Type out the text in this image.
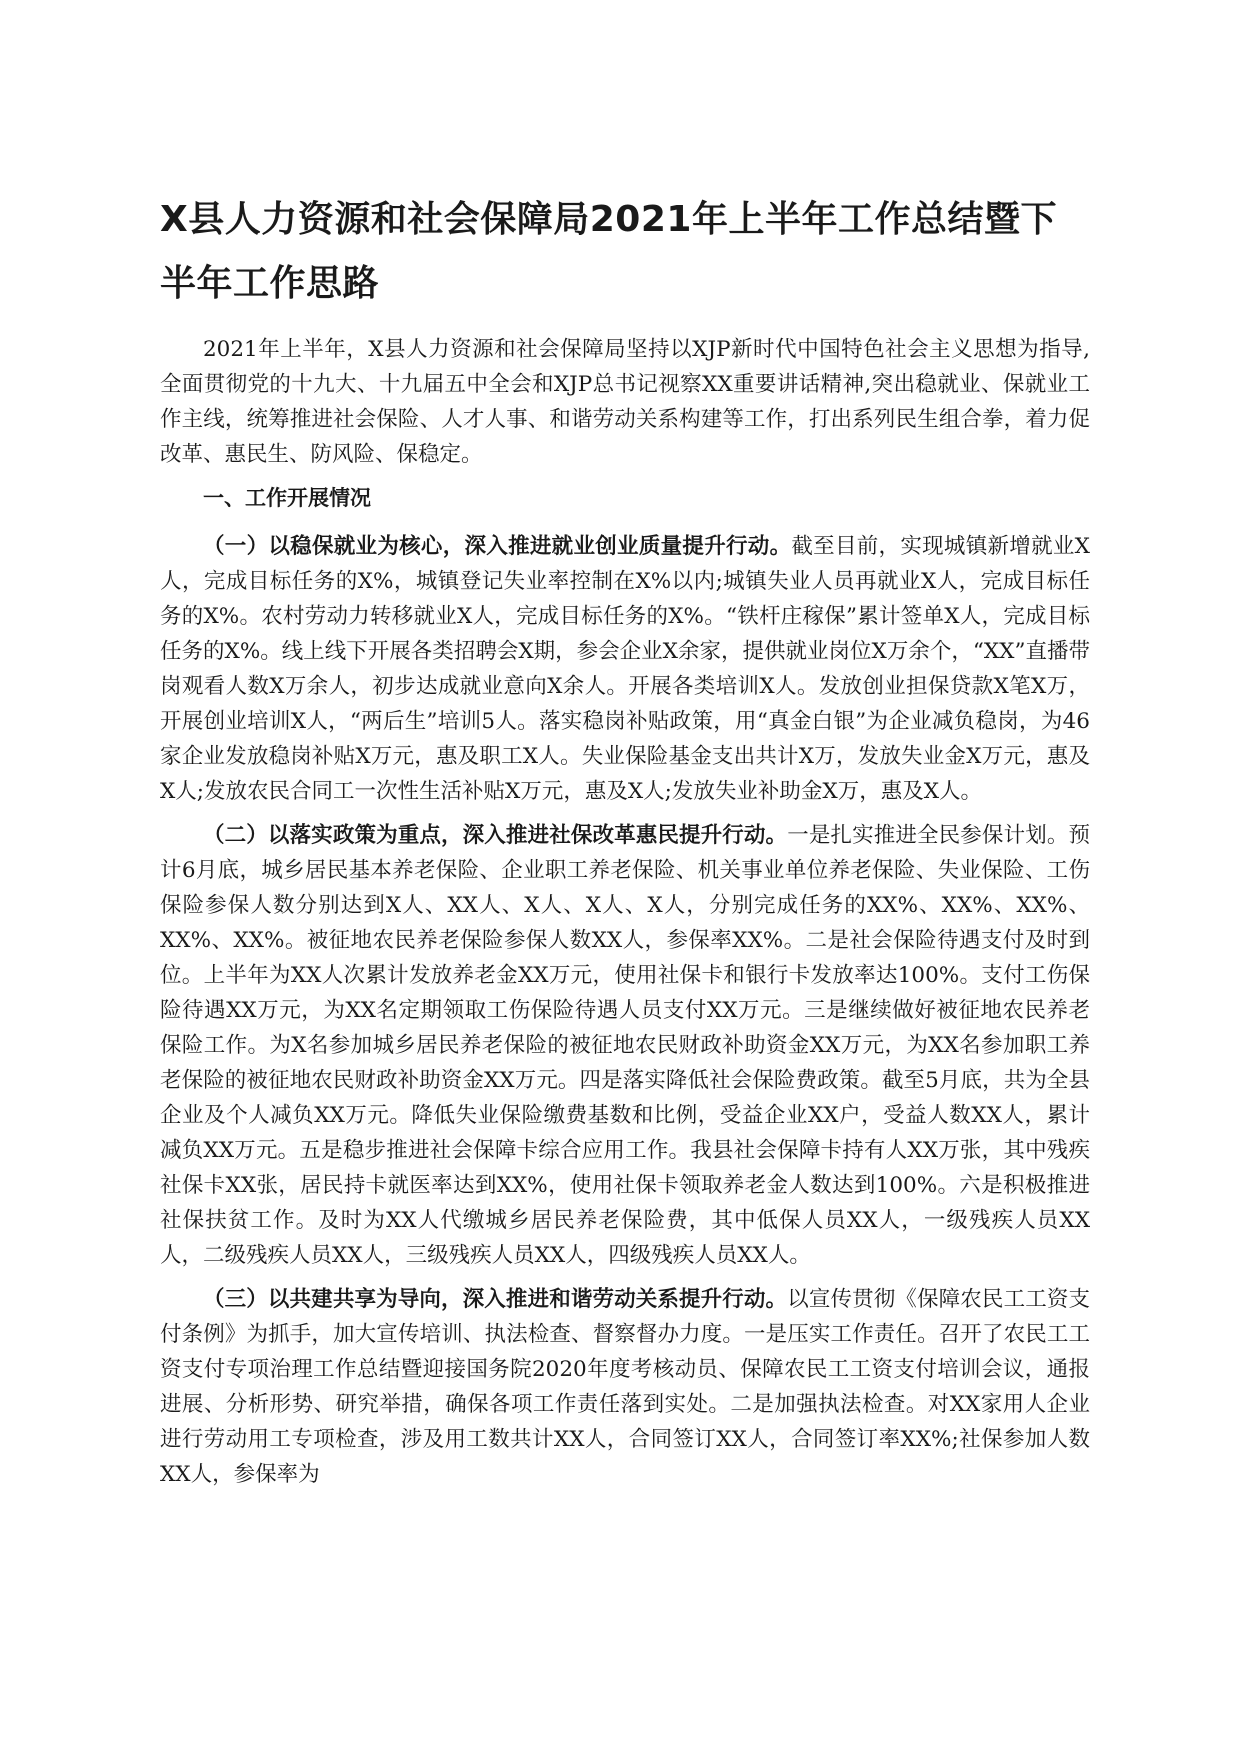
X县人力资源和社会保障局2021年上半年工作总结暨下半年工作思路

2021年上半年，X县人力资源和社会保障局坚持以XJP新时代中国特色社会主义思想为指导,全面贯彻党的十九大、十九届五中全会和XJP总书记视察XX重要讲话精神,突出稳就业、保就业工作主线，统筹推进社会保险、人才人事、和谐劳动关系构建等工作，打出系列民生组合拳，着力促改革、惠民生、防风险、保稳定。

一、工作开展情况

（一）以稳保就业为核心，深入推进就业创业质量提升行动。截至目前，实现城镇新增就业X人，完成目标任务的X%，城镇登记失业率控制在X%以内;城镇失业人员再就业X人，完成目标任务的X%。农村劳动力转移就业X人，完成目标任务的X%。“铁杆庄稼保”累计签单X人，完成目标任务的X%。线上线下开展各类招聘会X期，参会企业X余家，提供就业岗位X万余个，“XX”直播带岗观看人数X万余人，初步达成就业意向X余人。开展各类培训X人。发放创业担保贷款X笔X万，开展创业培训X人，“两后生”培训5人。落实稳岗补贴政策，用“真金白银”为企业减负稳岗，为46家企业发放稳岗补贴X万元，惠及职工X人。失业保险基金支出共计X万，发放失业金X万元，惠及X人;发放农民合同工一次性生活补贴X万元，惠及X人;发放失业补助金X万，惠及X人。

（二）以落实政策为重点，深入推进社保改革惠民提升行动。一是扎实推进全民参保计划。预计6月底，城乡居民基本养老保险、企业职工养老保险、机关事业单位养老保险、失业保险、工伤保险参保人数分别达到X人、XX人、X人、X人、X人，分别完成任务的XX%、XX%、XX%、XX%、XX%。被征地农民养老保险参保人数XX人，参保率XX%。二是社会保险待遇支付及时到位。上半年为XX人次累计发放养老金XX万元，使用社保卡和银行卡发放率达100%。支付工伤保险待遇XX万元，为XX名定期领取工伤保险待遇人员支付XX万元。三是继续做好被征地农民养老保险工作。为X名参加城乡居民养老保险的被征地农民财政补助资金XX万元，为XX名参加职工养老保险的被征地农民财政补助资金XX万元。四是落实降低社会保险费政策。截至5月底，共为全县企业及个人减负XX万元。降低失业保险缴费基数和比例，受益企业XX户，受益人数XX人，累计减负XX万元。五是稳步推进社会保障卡综合应用工作。我县社会保障卡持有人XX万张，其中残疾社保卡XX张，居民持卡就医率达到XX%，使用社保卡领取养老金人数达到100%。六是积极推进社保扶贫工作。及时为XX人代缴城乡居民养老保险费，其中低保人员XX人，一级残疾人员XX人，二级残疾人员XX人，三级残疾人员XX人，四级残疾人员XX人。

（三）以共建共享为导向，深入推进和谐劳动关系提升行动。以宣传贯彻《保障农民工工资支付条例》为抓手，加大宣传培训、执法检查、督察督办力度。一是压实工作责任。召开了农民工工资支付专项治理工作总结暨迎接国务院2020年度考核动员、保障农民工工资支付培训会议，通报进展、分析形势、研究举措，确保各项工作责任落到实处。二是加强执法检查。对XX家用人企业进行劳动用工专项检查，涉及用工数共计XX人，合同签订XX人，合同签订率XX%;社保参加人数XX人，参保率为
